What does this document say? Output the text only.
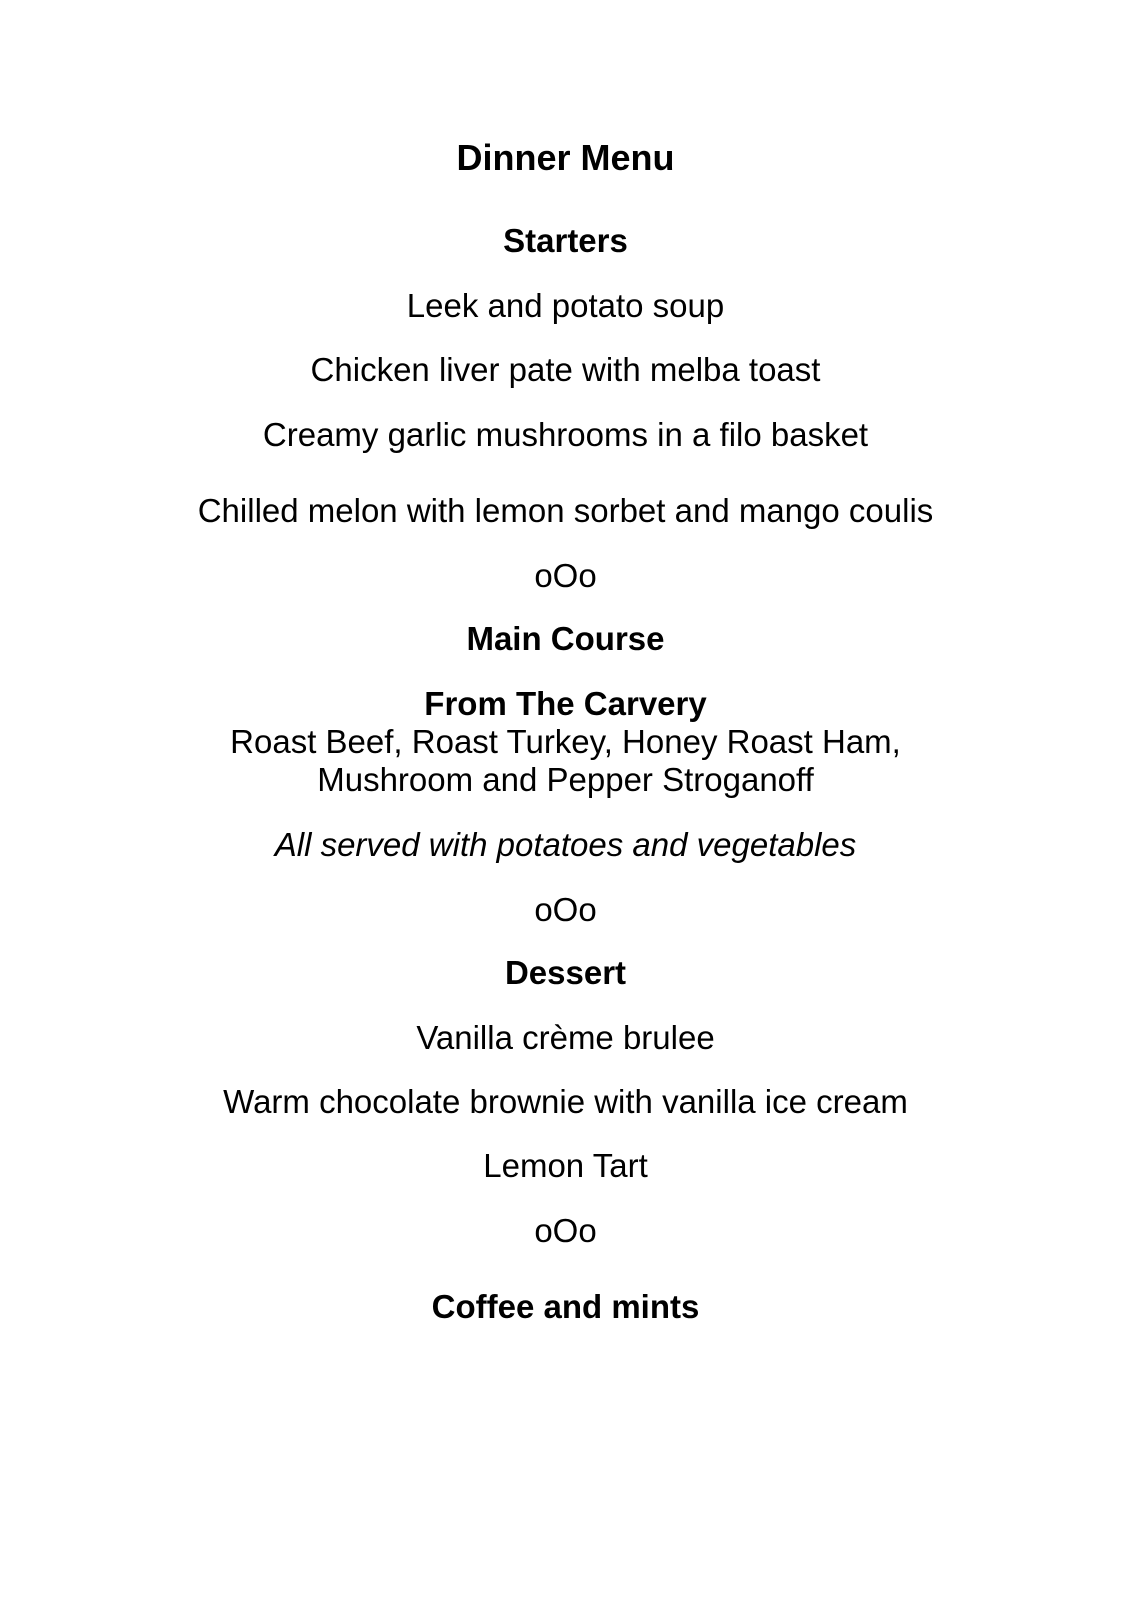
Dinner Menu
Starters
Leek and potato soup
Chicken liver pate with melba toast
Creamy garlic mushrooms in a filo basket
Chilled melon with lemon sorbet and mango coulis
oOo
Main Course
From The Carvery
Roast Beef, Roast Turkey, Honey Roast Ham,
Mushroom and Pepper Stroganoff
All served with potatoes and vegetables
oOo
Dessert
Vanilla crème brulee
Warm chocolate brownie with vanilla ice cream
Lemon Tart
oOo
Coffee and mints
